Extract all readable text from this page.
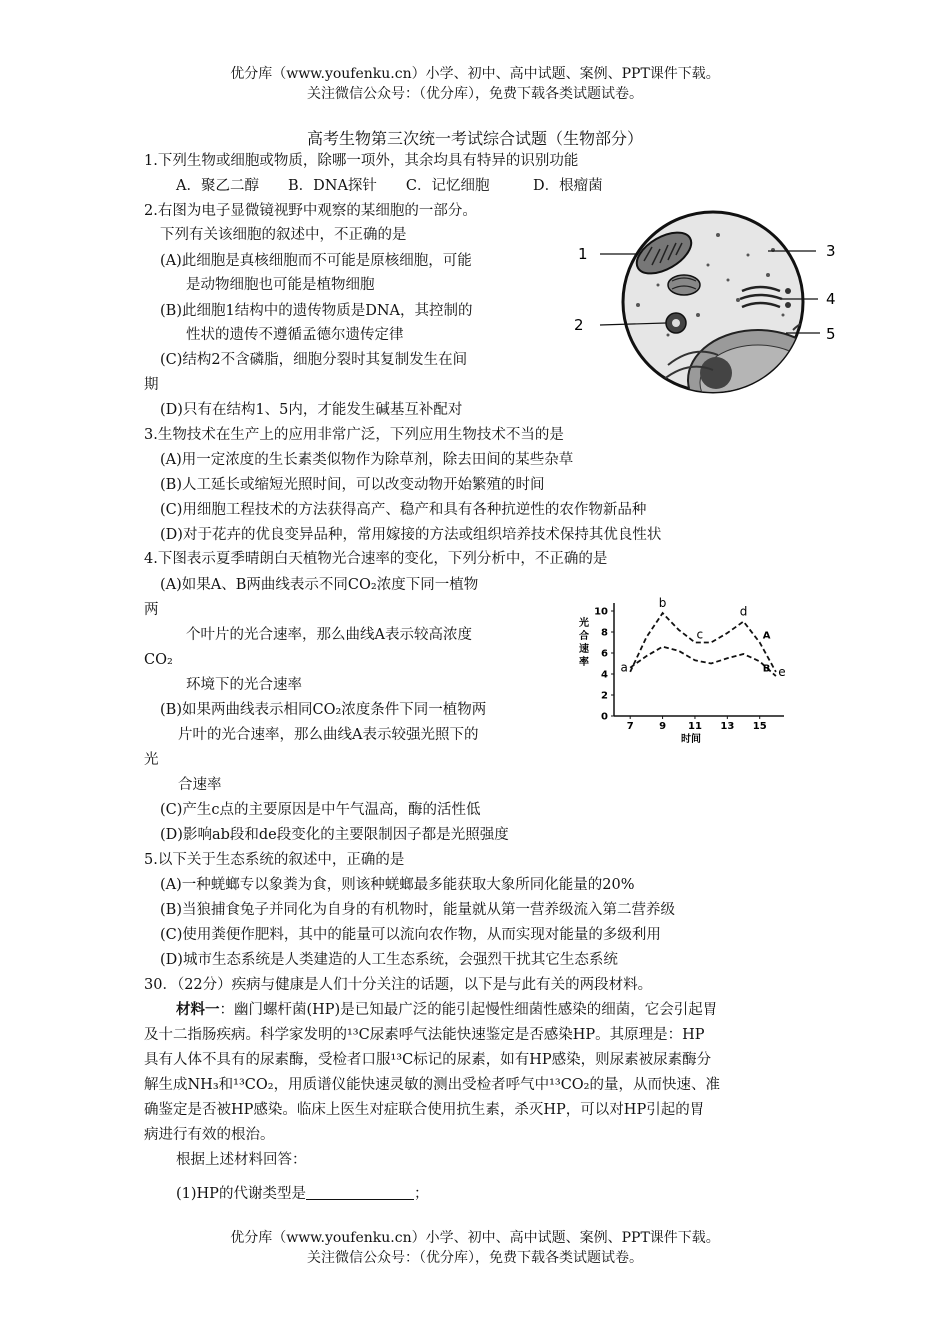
优分库（www.youfenku.cn）小学、初中、高中试题、案例、PPT课件下载。
关注微信公众号：（优分库），免费下载各类试题试卷。
高考生物第三次统一考试综合试题（生物部分）
1.下列生物或细胞或物质，除哪一项外，其余均具有特异的识别功能
A．聚乙二醇　　B．DNA探针　　C．记忆细胞　　　D．根瘤菌
2.右图为电子显微镜视野中观察的某细胞的一部分。
下列有关该细胞的叙述中，不正确的是
(A)此细胞是真核细胞而不可能是原核细胞，可能
是动物细胞也可能是植物细胞
(B)此细胞1结构中的遗传物质是DNA，其控制的
性状的遗传不遵循孟德尔遗传定律
(C)结构2不含磷脂，细胞分裂时其复制发生在间
期
(D)只有在结构1、5内，才能发生碱基互补配对
1
2
3
4
5
3.生物技术在生产上的应用非常广泛，下列应用生物技术不当的是
(A)用一定浓度的生长素类似物作为除草剂，除去田间的某些杂草
(B)人工延长或缩短光照时间，可以改变动物开始繁殖的时间
(C)用细胞工程技术的方法获得高产、稳产和具有各种抗逆性的农作物新品种
(D)对于花卉的优良变异品种，常用嫁接的方法或组织培养技术保持其优良性状
4.下图表示夏季晴朗白天植物光合速率的变化，下列分析中，不正确的是
(A)如果A、B两曲线表示不同CO₂浓度下同一植物
两
个叶片的光合速率，那么曲线A表示较高浓度
CO₂
环境下的光合速率
(B)如果两曲线表示相同CO₂浓度条件下同一植物两
片叶的光合速率，那么曲线A表示较强光照下的
光
合速率
(C)产生c点的主要原因是中午气温高，酶的活性低
(D)影响ab段和de段变化的主要限制因子都是光照强度
0
2
4
6
8
10
7	9 11 13 15
时间
光
合
速
率
A
B
a
b
c
d
e
5.以下关于生态系统的叙述中，正确的是
(A)一种蜣螂专以象粪为食，则该种蜣螂最多能获取大象所同化能量的20%
(B)当狼捕食兔子并同化为自身的有机物时，能量就从第一营养级流入第二营养级
(C)使用粪便作肥料，其中的能量可以流向农作物，从而实现对能量的多级利用
(D)城市生态系统是人类建造的人工生态系统，会强烈干扰其它生态系统
30．（22分）疾病与健康是人们十分关注的话题，以下是与此有关的两段材料。
材料一：幽门螺杆菌(HP)是已知最广泛的能引起慢性细菌性感染的细菌，它会引起胃
及十二指肠疾病。科学家发明的¹³C尿素呼气法能快速鉴定是否感染HP。其原理是：HP
具有人体不具有的尿素酶，受检者口服¹³C标记的尿素，如有HP感染，则尿素被尿素酶分
解生成NH₃和¹³CO₂，用质谱仪能快速灵敏的测出受检者呼气中¹³CO₂的量，从而快速、准
确鉴定是否被HP感染。临床上医生对症联合使用抗生素，杀灭HP，可以对HP引起的胃
病进行有效的根治。
根据上述材料回答：
(1)HP的代谢类型是	；
优分库（www.youfenku.cn）小学、初中、高中试题、案例、PPT课件下载。
关注微信公众号：（优分库），免费下载各类试题试卷。
